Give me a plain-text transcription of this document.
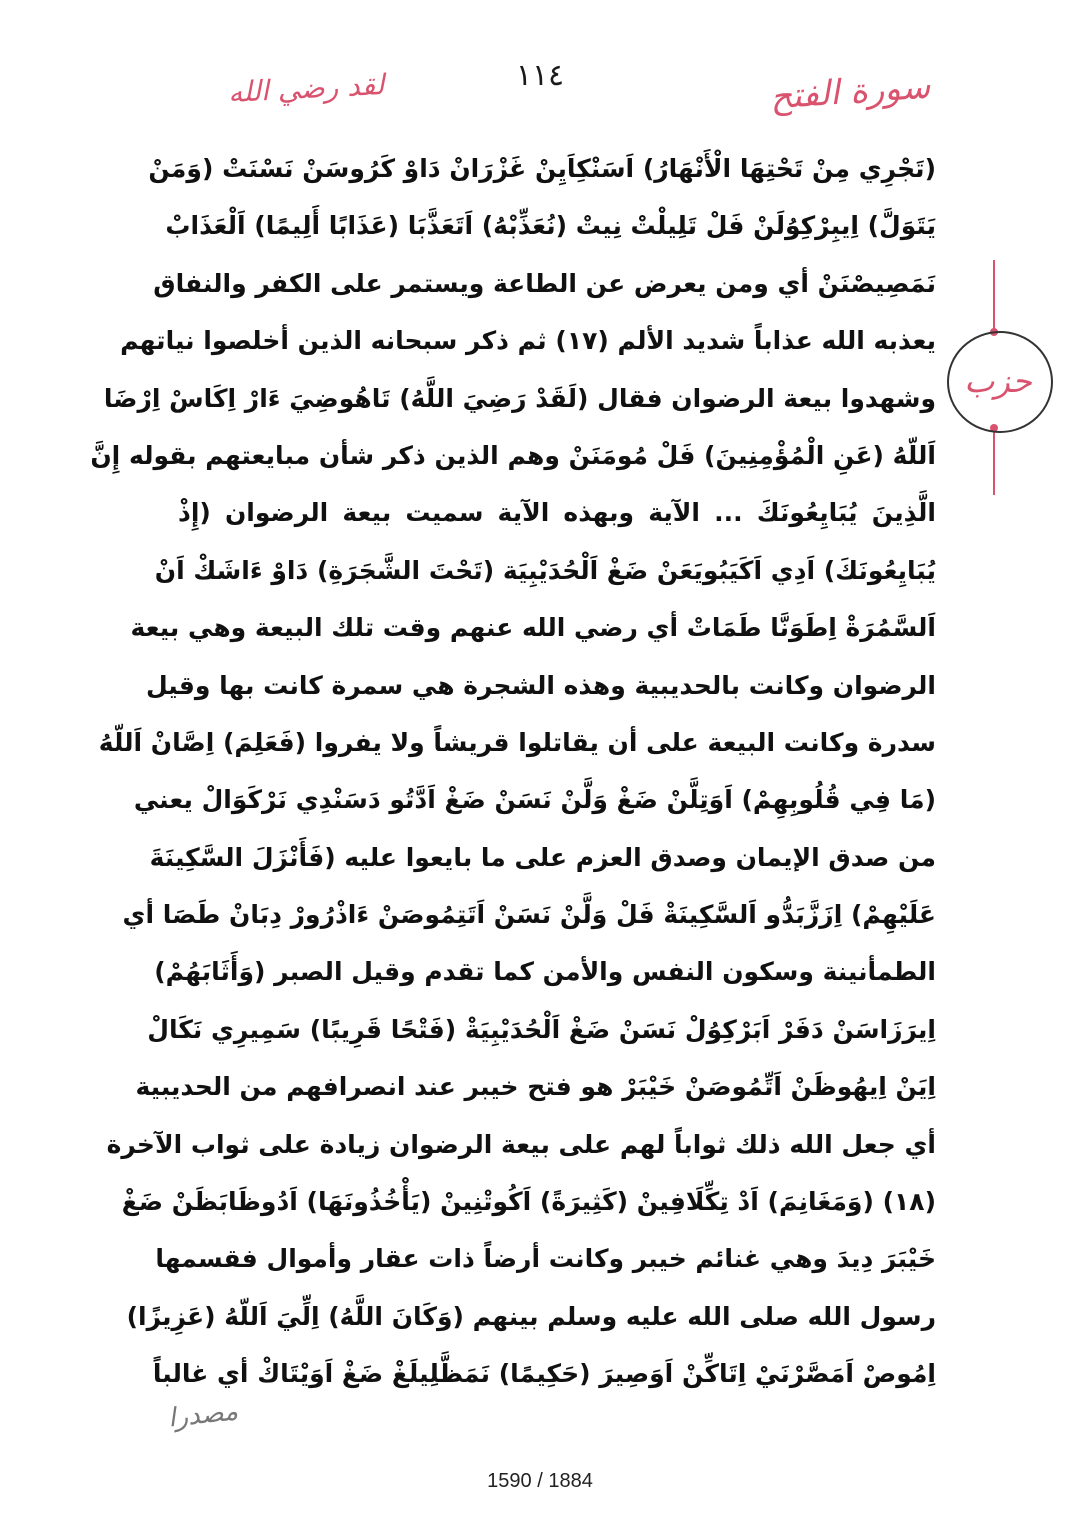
١١٤	سورة الفتح
لقد رضي الله
حزب
(تَجْرِي مِنْ تَحْتِهَا الْأَنْهَارُ) اَسَنْكِاَيِنْ غَزْرَانْ دَاوْ كَرُوسَنْ نَسْنَتْ (وَمَنْ
يَتَوَلَّ) اِيبِرْكِوُلَنْ فَلْ تَلِيلْتْ نِيتْ (نُعَذِّبْهُ) اَتَعَذَّبَا (عَذَابًا أَلِيمًا) اَلْعَذَابْ
نَمَصِيصْنَنْ أي ومن يعرض عن الطاعة ويستمر على الكفر والنفاق
يعذبه الله عذاباً شديد الألم (١٧) ثم ذكر سبحانه الذين أخلصوا نياتهم
وشهدوا بيعة الرضوان فقال (لَقَدْ رَضِيَ اللَّهُ) تَاهُوضِيَ ءَارْ اِكَاسْ اِرْضَا
اَللّهُ (عَنِ الْمُؤْمِنِينَ) فَلْ مُومَنَنْ وهم الذين ذكر شأن مبايعتهم بقوله إِنَّ
الَّذِينَ يُبَايِعُونَكَ ... الآية وبهذه الآية سميت بيعة الرضوان (إِذْ
يُبَايِعُونَكَ) اَدِي اَكَيَبُويَعَنْ ضَغْ اَلْحُدَيْبِيَة (تَحْتَ الشَّجَرَةِ) دَاوْ ءَاشَكْ اَنْ
اَلسَّمُرَةْ اِطَوَنَّا طَمَاتْ أي رضي الله عنهم وقت تلك البيعة وهي بيعة
الرضوان وكانت بالحديبية وهذه الشجرة هي سمرة كانت بها وقيل
سدرة وكانت البيعة على أن يقاتلوا قريشاً ولا يفروا (فَعَلِمَ) اِصَّانْ اَللّهُ
(مَا فِي قُلُوبِهِمْ) اَوَتِلَّنْ ضَغْ وَلَّنْ نَسَنْ ضَغْ اَدَّتُو دَسَنْدِي نَرْكَوَالْ يعني
من صدق الإيمان وصدق العزم على ما بايعوا عليه (فَأَنْزَلَ السَّكِينَةَ
عَلَيْهِمْ) اِزَزَّبَدُّو اَلسَّكِينَةْ فَلْ وَلَّنْ نَسَنْ اَتَتِمُوصَنْ ءَاذْرُورْ دِبَانْ طَصَا أي
الطمأنينة وسكون النفس والأمن كما تقدم وقيل الصبر (وَأَثَابَهُمْ)
اِيرَزَاسَنْ دَفَرْ اَبَرْكِوُلْ نَسَنْ ضَغْ اَلْحُدَيْبِيَةْ (فَتْحًا قَرِيبًا) سَمِيرِي نَكَالْ
اِيَنْ اِيهُوظَنْ اَتِّمُوصَنْ خَيْبَرْ هو فتح خيبر عند انصرافهم من الحديبية
أي جعل الله ذلك ثواباً لهم على بيعة الرضوان زيادة على ثواب الآخرة
(١٨) (وَمَغَانِمَ) اَدْ تِكِّلَافِينْ (كَثِيرَةً) اَكُوتْنِينْ (يَأْخُذُونَهَا) اَدُوظَابَظَنْ ضَغْ
خَيْبَرَ دِيدَ وهي غنائم خيبر وكانت أرضاً ذات عقار وأموال فقسمها
رسول الله صلى الله عليه وسلم بينهم (وَكَانَ اللَّهُ) اِلِّيَ اَللّهُ (عَزِيزًا)
اِمُوصْ اَمَصَّرْنَيْ اِتَاكِّنْ اَوَصِيرَ (حَكِيمًا) نَمَظَّلِيلَغْ ضَغْ اَوَيْتَاكْ أي غالباً
مصدرا
1590 / 1884
